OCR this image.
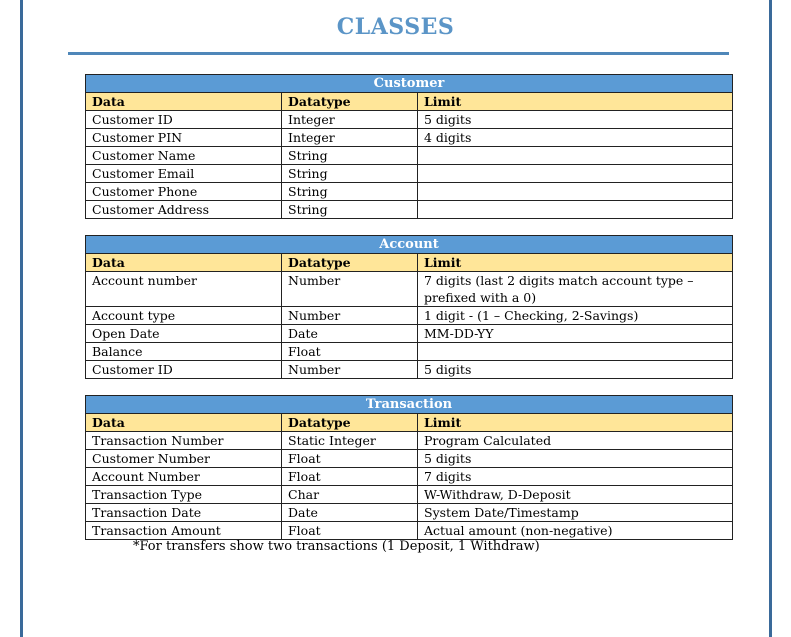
CLASSES
Customer		
Data	Datatype	Limit
Customer ID	Integer	5 digits
Customer PIN	Integer	4 digits
Customer Name	String	
Customer Email	String	
Customer Phone	String	
Customer Address	String	
Account		
Data	Datatype	Limit
Account number	Number	7 digits (last 2 digits match account type – prefixed with a 0)
Account type	Number	1 digit - (1 – Checking, 2-Savings)
Open Date	Date	MM-DD-YY
Balance	Float	
Customer ID	Number	5 digits
Transaction		
Data	Datatype	Limit
Transaction Number	Static Integer	Program Calculated
Customer Number	Float	5 digits
Account Number	Float	7 digits
Transaction Type	Char	W-Withdraw, D-Deposit
Transaction Date	Date	System Date/Timestamp
Transaction Amount	Float	Actual amount (non-negative)
*For transfers show two transactions (1 Deposit, 1 Withdraw)
